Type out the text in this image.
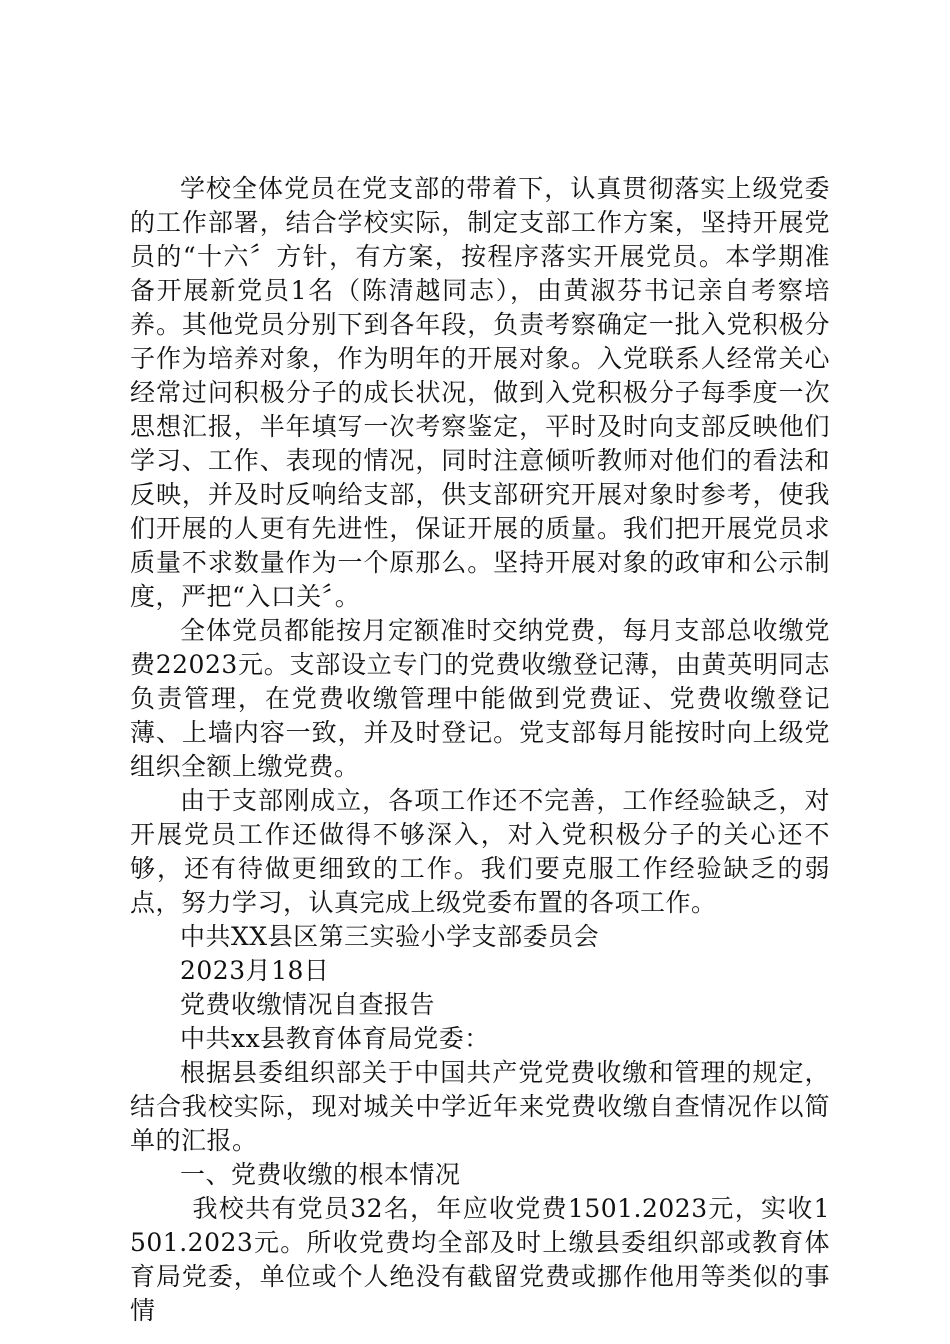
学校全体党员在党支部的带着下，认真贯彻落实上级党委的工作部署，结合学校实际，制定支部工作方案，坚持开展党员的“十六〞方针，有方案，按程序落实开展党员。本学期准备开展新党员1名（陈清越同志），由黄淑芬书记亲自考察培养。其他党员分别下到各年段，负责考察确定一批入党积极分子作为培养对象，作为明年的开展对象。入党联系人经常关心经常过问积极分子的成长状况，做到入党积极分子每季度一次思想汇报，半年填写一次考察鉴定，平时及时向支部反映他们学习、工作、表现的情况，同时注意倾听教师对他们的看法和反映，并及时反响给支部，供支部研究开展对象时参考，使我们开展的人更有先进性，保证开展的质量。我们把开展党员求质量不求数量作为一个原那么。坚持开展对象的政审和公示制度，严把“入口关〞。

全体党员都能按月定额准时交纳党费，每月支部总收缴党费22023元。支部设立专门的党费收缴登记薄，由黄英明同志负责管理，在党费收缴管理中能做到党费证、党费收缴登记薄、上墙内容一致，并及时登记。党支部每月能按时向上级党组织全额上缴党费。

由于支部刚成立，各项工作还不完善，工作经验缺乏，对开展党员工作还做得不够深入，对入党积极分子的关心还不够，还有待做更细致的工作。我们要克服工作经验缺乏的弱点，努力学习，认真完成上级党委布置的各项工作。

中共XX县区第三实验小学支部委员会

2023月18日

党费收缴情况自查报告

中共xx县教育体育局党委：

根据县委组织部关于中国共产党党费收缴和管理的规定，结合我校实际，现对城关中学近年来党费收缴自查情况作以简单的汇报。

一、党费收缴的根本情况

我校共有党员32名，年应收党费1501.2023元，实收1501.2023元。所收党费均全部及时上缴县委组织部或教育体育局党委，单位或个人绝没有截留党费或挪作他用等类似的事情
